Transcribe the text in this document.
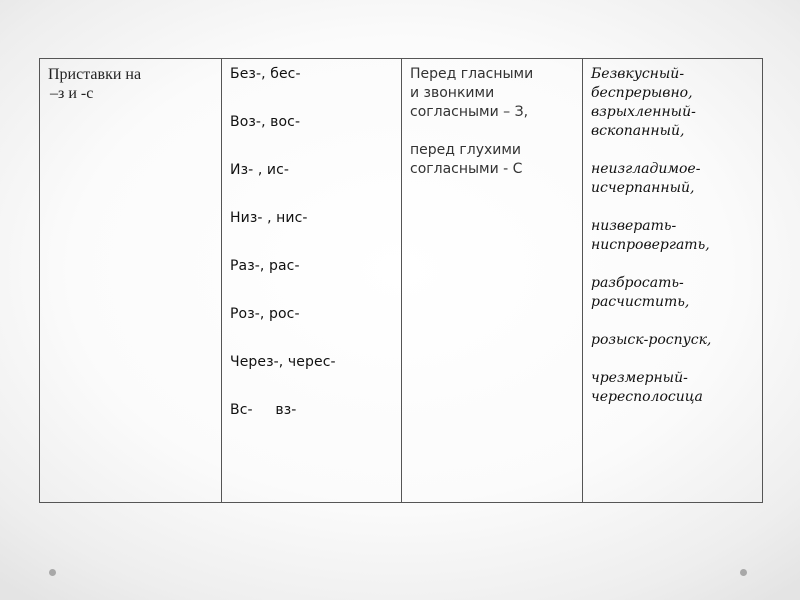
Приставки на
–з и -с

Без-, бес-
Воз-, вос-
Из- , ис-
Низ- , нис-
Раз-, рас-
Роз-, рос-
Через-, черес-
Вс-     вз-

Перед гласными
и звонкими
согласными – З,
перед глухими
согласными - С

Безвкусный-
беспрерывно,
взрыхленный-
вскопанный,
неизгладимое-
исчерпанный,
низверать-
ниспровергать,
разбросать-
расчистить,
розыск-роспуск,
чрезмерный-
чересполосица
